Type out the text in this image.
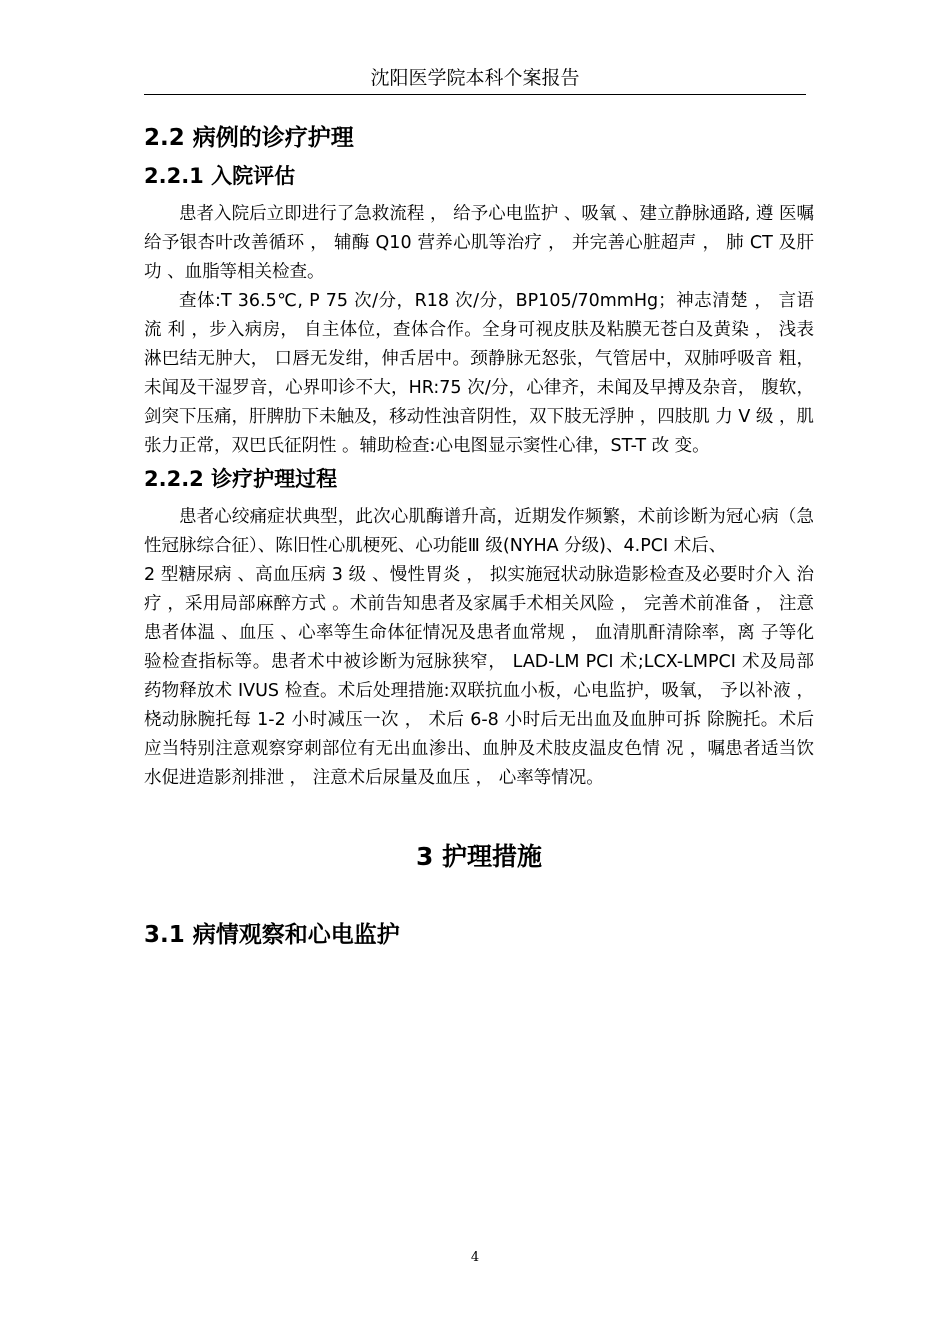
沈阳医学院本科个案报告
2.2 病例的诊疗护理
2.2.1 入院评估

患者入院后立即进行了急救流程 ， 给予心电监护 、吸氧 、建立静脉通路, 遵 医嘱给予银杏叶改善循环 ， 辅酶 Q10 营养心肌等治疗 ， 并完善心脏超声 ， 肺 CT 及肝功 、血脂等相关检查。

查体:T 36.5℃, P 75 次/分，R18 次/分，BP105/70mmHg；神志清楚 ， 言语流 利 ，步入病房， 自主体位，查体合作。全身可视皮肤及粘膜无苍白及黄染 ， 浅表 淋巴结无肿大， 口唇无发绀，伸舌居中。颈静脉无怒张，气管居中，双肺呼吸音 粗，未闻及干湿罗音，心界叩诊不大，HR:75 次/分，心律齐，未闻及早搏及杂音， 腹软，剑突下压痛，肝脾肋下未触及，移动性浊音阴性，双下肢无浮肿 ，四肢肌 力 V 级 ，肌张力正常，双巴氏征阴性 。辅助检查:心电图显示窦性心律，ST-T 改 变。

2.2.2 诊疗护理过程

患者心绞痛症状典型，此次心肌酶谱升高，近期发作频繁，术前诊断为冠心病（急性冠脉综合征）、陈旧性心肌梗死、心功能Ⅲ 级(NYHA 分级)、4.PCI 术后、

2 型糖尿病 、高血压病 3 级 、慢性胃炎 ， 拟实施冠状动脉造影检查及必要时介入 治疗 ，采用局部麻醉方式 。术前告知患者及家属手术相关风险 ， 完善术前准备 ， 注意患者体温 、血压 、心率等生命体征情况及患者血常规 ， 血清肌酐清除率，离 子等化验检查指标等。患者术中被诊断为冠脉狭窄， LAD-LM PCI 术;LCX-LMPCI 术及局部药物释放术 IVUS 检查。术后处理措施:双联抗血小板，心电监护，吸氧， 予以补液 ，桡动脉腕托每 1-2 小时减压一次 ， 术后 6-8 小时后无出血及血肿可拆 除腕托。术后应当特别注意观察穿刺部位有无出血渗出、血肿及术肢皮温皮色情 况 ，嘱患者适当饮水促进造影剂排泄 ， 注意术后尿量及血压 ， 心率等情况。

3 护理措施
3.1 病情观察和心电监护
4
